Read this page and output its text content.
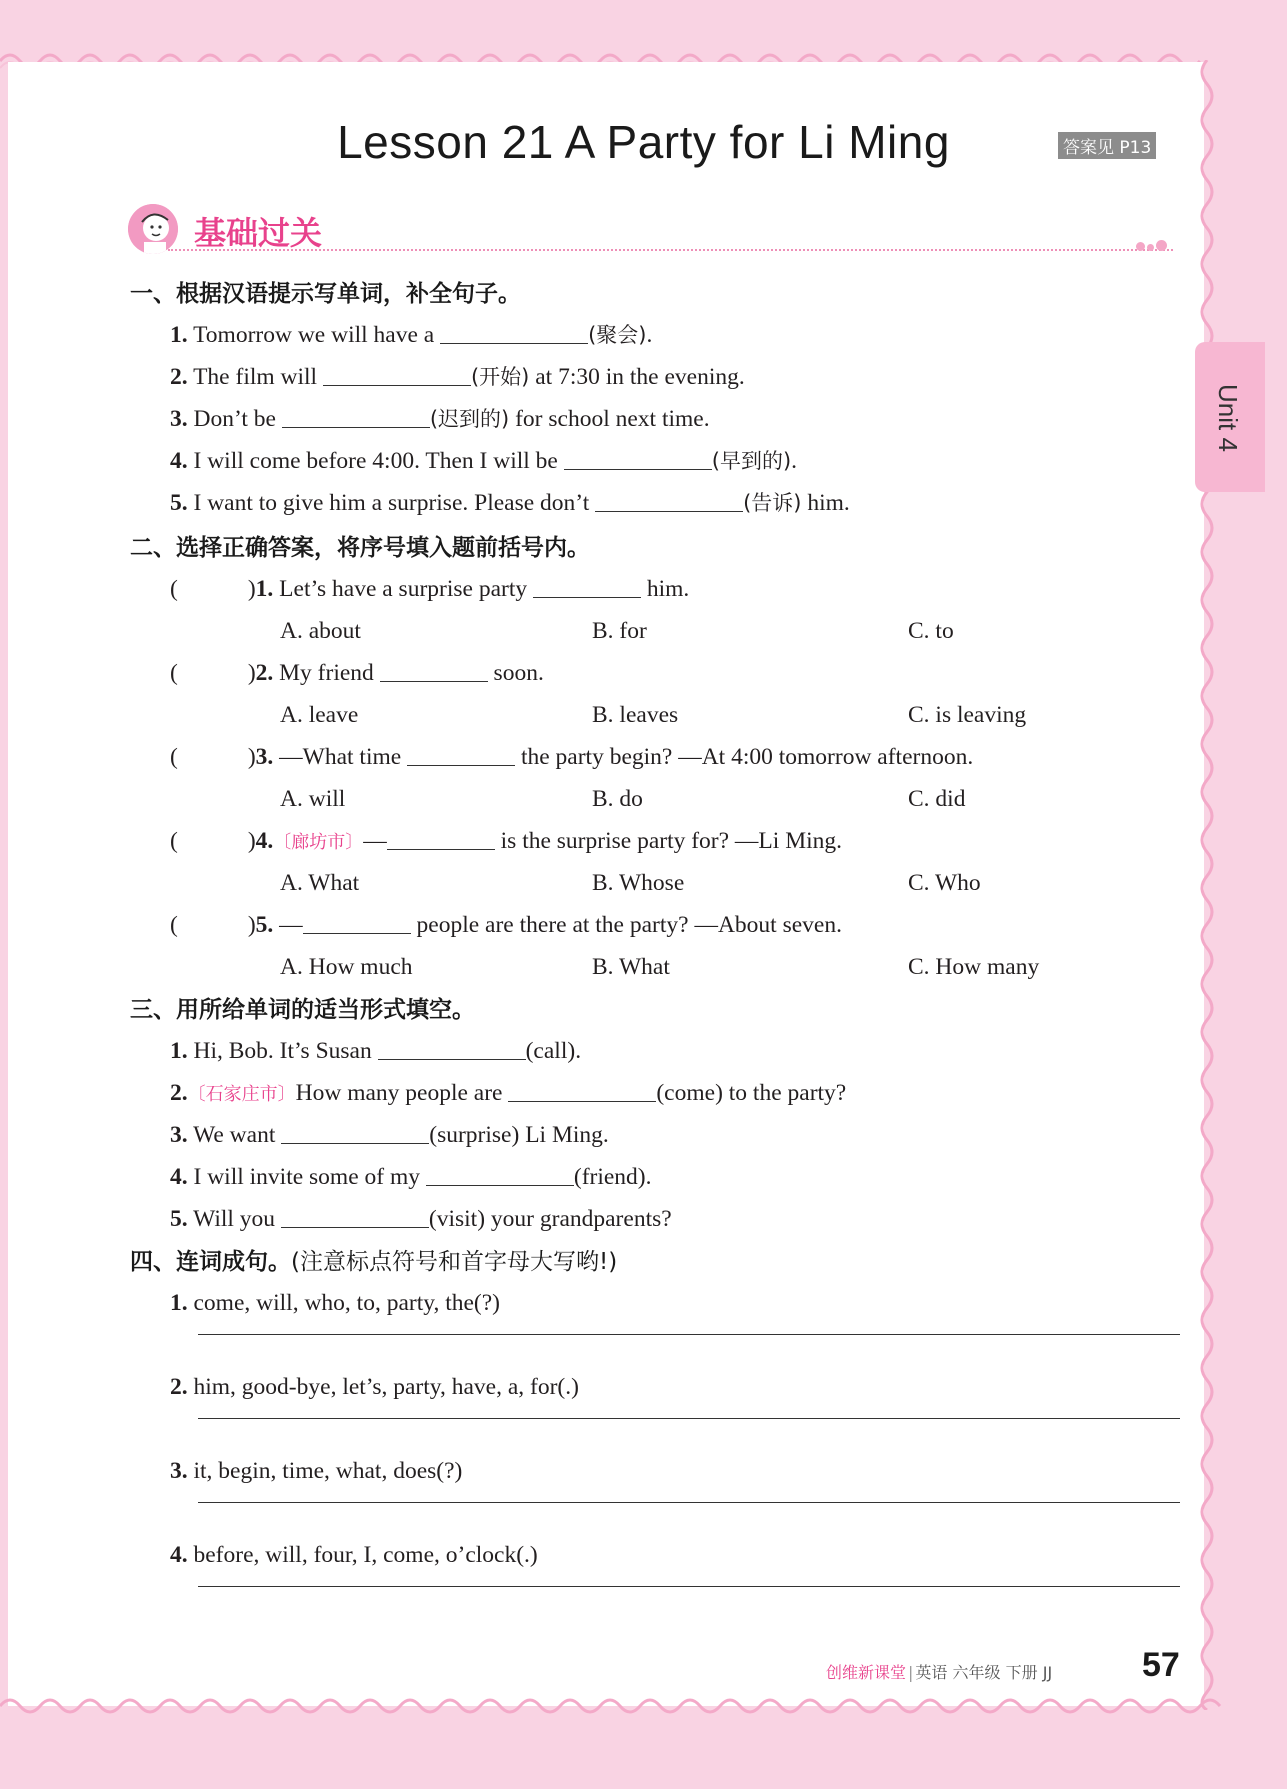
Unit 4
Lesson 21 A Party for Li Ming	答案见 P13
基础过关
一、根据汉语提示写单词，补全句子。
1. Tomorrow we will have a	(聚会).
2. The film will	(开始) at 7:30 in the evening.
3. Don’t be	(迟到的) for school next time.
4. I will come before 4:00. Then I will be	(早到的).
5. I want to give him a surprise. Please don’t	(告诉) him.
二、选择正确答案，将序号填入题前括号内。
(	)1. Let’s have a surprise party	him.
A. about	B. for	C. to
(	)2. My friend	soon.
A. leave	B. leaves	C. is leaving
(	)3. —What time	the party begin? —At 4:00 tomorrow afternoon.
A. will	B. do	C. did
(	)4.〔廊坊市〕—	is the surprise party for? —Li Ming.
A. What	B. Whose	C. Who
(	)5. —	people are there at the party? —About seven.
A. How much	B. What	C. How many
三、用所给单词的适当形式填空。
1. Hi, Bob. It’s Susan	(call).
2.〔石家庄市〕How many people are	(come) to the party?
3. We want	(surprise) Li Ming.
4. I will invite some of my	(friend).
5. Will you	(visit) your grandparents?
四、连词成句。(注意标点符号和首字母大写哟!)
1. come, will, who, to, party, the(?)
2. him, good-bye, let’s, party, have, a, for(.)
3. it, begin, time, what, does(?)
4. before, will, four, I, come, o’clock(.)
创维新课堂 | 英语 六年级 下册 JJ	57
